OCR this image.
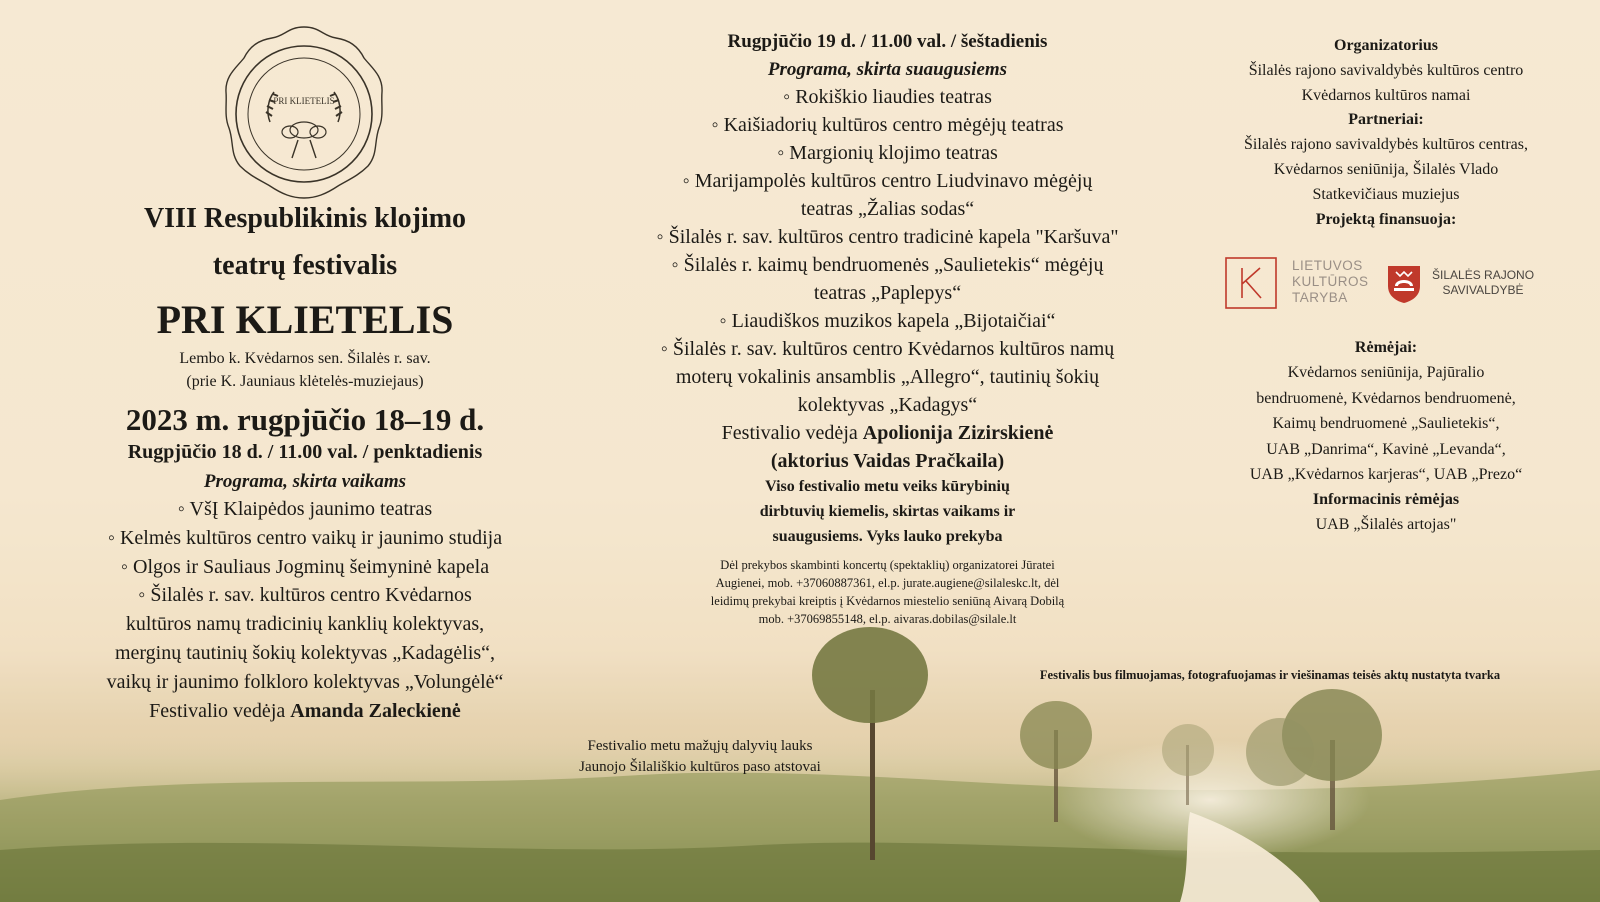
PRI KLIETELIS

VIII Respublikinis klojimo

teatrų festivalis

PRI KLIETELIS

Lembo k. Kvėdarnos sen. Šilalės r. sav.

(prie K. Jauniaus klėtelės-muziejaus)

2023 m. rugpjūčio 18–19 d.

Rugpjūčio 18 d. / 11.00 val. / penktadienis

Programa, skirta vaikams

◦ VšĮ Klaipėdos jaunimo teatras

◦ Kelmės kultūros centro vaikų ir jaunimo studija

◦ Olgos ir Sauliaus Jogminų šeimyninė kapela

◦ Šilalės r. sav. kultūros centro Kvėdarnos

kultūros namų tradicinių kanklių kolektyvas,

merginų tautinių šokių kolektyvas „Kadagėlis“,

vaikų ir jaunimo folkloro kolektyvas „Volungėlė“

Festivalio vedėja Amanda Zaleckienė

Festivalio metu mažųjų dalyvių lauks

Jaunojo Šilališkio kultūros paso atstovai

Rugpjūčio 19 d. / 11.00 val. / šeštadienis

Programa, skirta suaugusiems

◦ Rokiškio liaudies teatras

◦ Kaišiadorių kultūros centro mėgėjų teatras

◦ Margionių klojimo teatras

◦ Marijampolės kultūros centro Liudvinavo mėgėjų

teatras „Žalias sodas“

◦ Šilalės r. sav. kultūros centro tradicinė kapela "Karšuva"

◦ Šilalės r. kaimų bendruomenės „Saulietekis“ mėgėjų

teatras „Paplepys“

◦ Liaudiškos muzikos kapela „Bijotaičiai“

◦ Šilalės r. sav. kultūros centro Kvėdarnos kultūros namų

moterų vokalinis ansamblis „Allegro“, tautinių šokių

kolektyvas „Kadagys“

Festivalio vedėja Apolionija Zizirskienė

(aktorius Vaidas Pračkaila)

Viso festivalio metu veiks kūrybinių

dirbtuvių kiemelis, skirtas vaikams ir

suaugusiems. Vyks lauko prekyba

Dėl prekybos skambinti koncertų (spektaklių) organizatorei Jūratei

Augienei, mob. +37060887361, el.p. jurate.augiene@silaleskc.lt, dėl

leidimų prekybai kreiptis į Kvėdarnos miestelio seniūną Aivarą Dobilą

mob. +37069855148, el.p. aivaras.dobilas@silale.lt

Organizatorius

Šilalės rajono savivaldybės kultūros centro

Kvėdarnos kultūros namai

Partneriai:

Šilalės rajono savivaldybės kultūros centras,

Kvėdarnos seniūnija, Šilalės Vlado

Statkevičiaus muziejus

Projektą finansuoja:

Rėmėjai:

Kvėdarnos seniūnija, Pajūralio

bendruomenė, Kvėdarnos bendruomenė,

Kaimų bendruomenė „Saulietekis“,

UAB „Danrima“, Kavinė „Levanda“,

UAB „Kvėdarnos karjeras“, UAB „Prezo“

Informacinis rėmėjas

UAB „Šilalės artojas"

LIETUVOS
KULTŪROS
TARYBA
ŠILALĖS RAJONO
SAVIVALDYBĖ

Festivalis bus filmuojamas, fotografuojamas ir viešinamas teisės aktų nustatyta tvarka
